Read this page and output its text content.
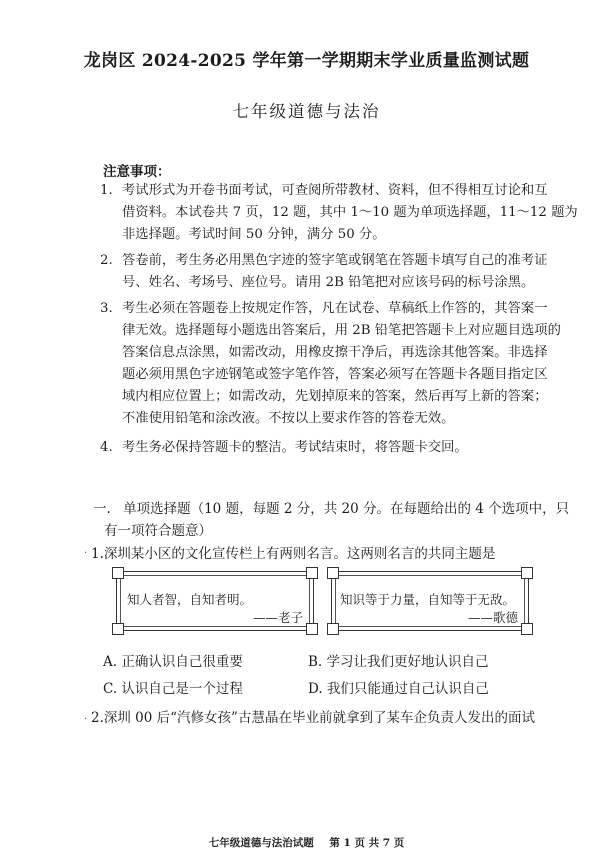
龙岗区 2024-2025 学年第一学期期末学业质量监测试题
七年级道德与法治
注意事项：
1. 考试形式为开卷书面考试，可查阅所带教材、资料，但不得相互讨论和互
借资料。本试卷共 7 页，12 题，其中 1～10 题为单项选择题，11～12 题为
非选择题。考试时间 50 分钟，满分 50 分。
2. 答卷前，考生务必用黑色字迹的签字笔或钢笔在答题卡填写自己的准考证
号、姓名、考场号、座位号。请用 2B 铅笔把对应该号码的标号涂黑。
3. 考生必须在答题卷上按规定作答，凡在试卷、草稿纸上作答的，其答案一
律无效。选择题每小题选出答案后，用 2B 铅笔把答题卡上对应题目选项的
答案信息点涂黑，如需改动，用橡皮擦干净后，再选涂其他答案。非选择
题必须用黑色字迹钢笔或签字笔作答，答案必须写在答题卡各题目指定区
域内相应位置上；如需改动，先划掉原来的答案，然后再写上新的答案；
不准使用铅笔和涂改液。不按以上要求作答的答卷无效。
4. 考生务必保持答题卡的整洁。考试结束时，将答题卡交回。
一. 单项选择题（10 题，每题 2 分，共 20 分。在每题给出的 4 个选项中，只
有一项符合题意）
. 1.深圳某小区的文化宣传栏上有两则名言。这两则名言的共同主题是
知人者智，自知者明。
——老子
知识等于力量，自知等于无敌。
——歌德
A. 正确认识自己很重要	B. 学习让我们更好地认识自己
C. 认识自己是一个过程	D. 我们只能通过自己认识自己
. 2.深圳 00 后“汽修女孩”古慧晶在毕业前就拿到了某车企负责人发出的面试
七年级道德与法治试题 第 1 页 共 7 页
